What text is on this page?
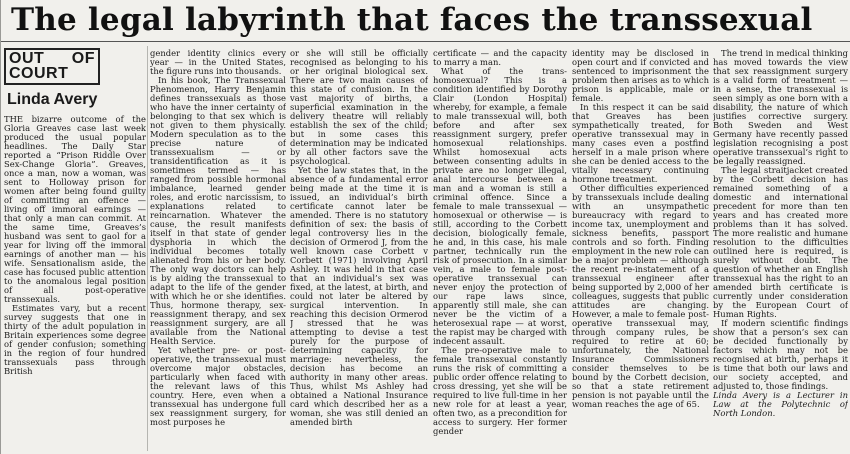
The legal labyrinth that faces the transsexual
OUT OF COURT
Linda Avery

THE bizarre outcome of the Gloria Greaves case last week produced the usual popular headlines. The Daily Star reported a “Prison Riddle Over Sex-Change Gloria”. Greaves, once a man, now a woman, was sent to Holloway prison for women after being found guilty of committing an offence — living off immoral earnings — that only a man can commit. At the same time, Greaves’s husband was sent to gaol for a year for living off the immoral earnings of another man — his wife. Sensationalism aside, the case has focused public attention to the anomalous legal position of all post-operative transsexuals.

Estimates vary, but a recent survey suggests that one in thirty of the adult population in Britain experiences some degree of gender confusion; something in the region of four hundred transsexuals pass through British

gender identity clinics every year — in the United States, the figure runs into thousands.

In his book, The Transsexual Phenomenon, Harry Benjamin defines transsexuals as those who have the inner certainty of belonging to that sex which is not given to them physically. Modern speculation as to the precise nature of transsexualism — or transidentification as it is sometimes termed — has ranged from possible hormonal imbalance, learned gender roles, and erotic narcissism, to explanations related to reincarnation. Whatever the cause, the result manifests itself in that state of gender dysphoria in which the individual becomes totally alienated from his or her body. The only way doctors can help is by aiding the transsexual to adapt to the life of the gender with which he or she identifies. Thus, hormone therapy, sex-reassignment therapy, and sex reassignment surgery, are all available from the National Health Service.

Yet whether pre- or post-operative, the transsexual must overcome major obstacles, particularly when faced with the relevant laws of this country. Here, even when a transsexual has undergone full sex reassignment surgery, for most purposes he

or she will still be officially recognised as belonging to his or her original biological sex. There are two main causes of this state of confusion. In the vast majority of births, a superficial examination in the delivery theatre will reliably establish the sex of the child; but in some cases this determination may be indicated by all other factors save the psychological.

Yet the law states that, in the absence of a fundamental error being made at the time it is issued, an individual’s birth certificate cannot later be amended. There is no statutory definition of sex: the basis of legal controversy lies in the decision of Ormerod J, from the well known case Corbett v Corbett (1971) involving April Ashley. It was held in that case that an individual’s sex was fixed, at the latest, at birth, and could not later be altered by surgical intervention. In reaching this decision Ormerod J stressed that he was attempting to devise a test purely for the purpose of determining capacity for marriage: nevertheless, the decision has become an authority in many other areas. Thus, whilst Ms Ashley had obtained a National Insurance card which described her as a woman, she was still denied an amended birth

certificate — and the capacity to marry a man.

What of the trans-homosexual? This is a condition identified by Dorothy Clair (London Hospital) whereby, for example, a female to male transsexual will, both before and after sex reassignment surgery, prefer homosexual relationships. Whilst homosexual acts between consenting adults in private are no longer illegal, anal intercourse between a man and a woman is still a criminal offence. Since a female to male transsexual — homosexual or otherwise — is still, according to the Corbett decision, biologically female, he and, in this case, his male partner, technically run the risk of prosecution. In a similar vein, a male to female post-operative transsexual can never enjoy the protection of our rape laws since, apparently still male, she can never be the victim of a heterosexual rape — at worst, the rapist may be charged with indecent assault.

The pre-operative male to female transsexual constantly runs the risk of committing a public order offence relating to cross dressing, yet she will be required to live full-time in her new role for at least a year, often two, as a precondition for access to surgery. Her former gender

identity may be disclosed in open court and if convicted and sentenced to imprisonment the problem then arises as to which prison is applicable, male or female.

In this respect it can be said that Greaves has been sympathetically treated, for operative transsexual may in many cases even a postfind herself in a male prison where she can be denied access to the vitally necessary continuing hormone treatment.

Other difficulties experienced by transsexuals include dealing with an unsympathetic bureaucracy with regard to income tax, unemployment and sickness benefits, passport controls and so forth. Finding employment in the new role can be a major problem — although the recent re-instatement of a transsexual engineer after being supported by 2,000 of her colleagues, suggests that public attitudes are changing. However, a male to female post-operative transsexual may, through company rules, be required to retire at 60; unfortunately, the National Insurance Commissioners consider themselves to be bound by the Corbett decision, so that a state retirement pension is not payable until the woman reaches the age of 65.

The trend in medical thinking has moved towards the view that sex reassignment surgery is a valid form of treatment — in a sense, the transsexual is seen simply as one born with a disability, the nature of which justifies corrective surgery. Both Sweden and West Germany have recently passed legislation recognising a post operative transsexual’s right to be legally reassigned.

The legal straitjacket created by the Corbett decision has remained something of a domestic and international precedent for more than ten years and has created more problems than it has solved. The more realistic and humane resolution to the difficulties outlined here is required, is surely without doubt. The question of whether an English transsexual has the right to an amended birth certificate is currently under consideration by the European Court of Human Rights.

If modern scientific findings show that a person’s sex can be decided functionally by factors which may not be recognised at birth, perhaps it is time that both our laws and our society accepted, and adjusted to, those findings.

Linda Avery is a Lecturer in Law at the Polytechnic of North London.
